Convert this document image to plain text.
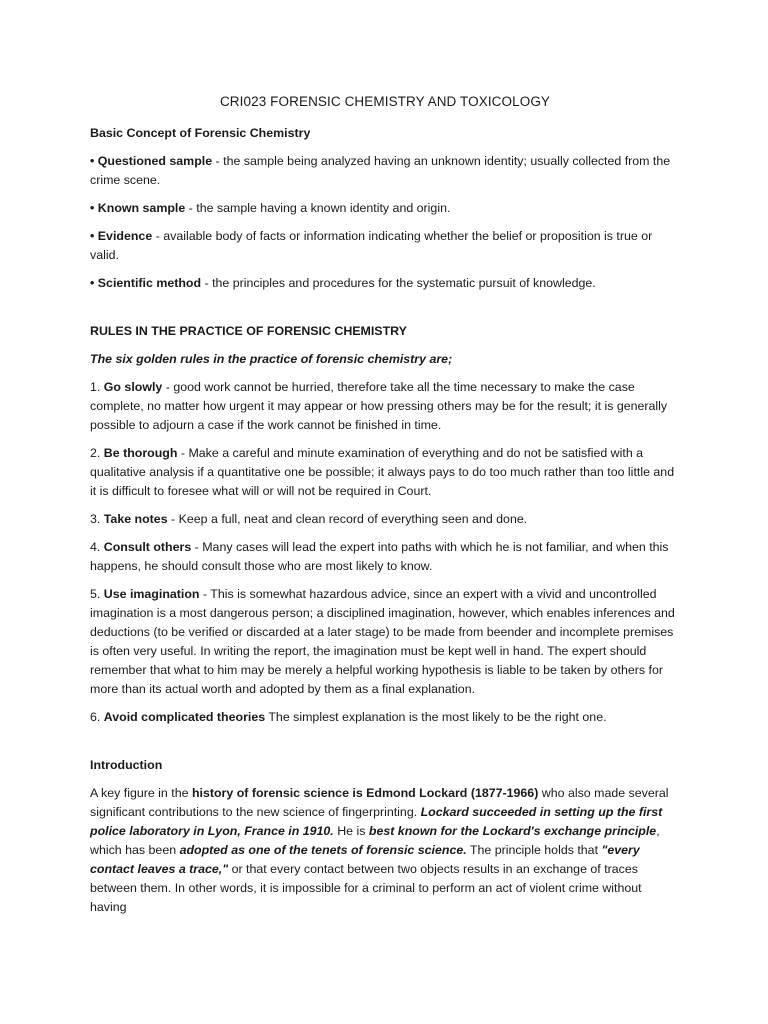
CRI023 FORENSIC CHEMISTRY AND TOXICOLOGY
Basic Concept of Forensic Chemistry

• Questioned sample - the sample being analyzed having an unknown identity; usually collected from the crime scene.

• Known sample - the sample having a known identity and origin.

• Evidence - available body of facts or information indicating whether the belief or proposition is true or valid.

• Scientific method - the principles and procedures for the systematic pursuit of knowledge.

RULES IN THE PRACTICE OF FORENSIC CHEMISTRY

The six golden rules in the practice of forensic chemistry are;

1. Go slowly - good work cannot be hurried, therefore take all the time necessary to make the case complete, no matter how urgent it may appear or how pressing others may be for the result; it is generally possible to adjourn a case if the work cannot be finished in time.

2. Be thorough - Make a careful and minute examination of everything and do not be satisfied with a qualitative analysis if a quantitative one be possible; it always pays to do too much rather than too little and it is difficult to foresee what will or will not be required in Court.

3. Take notes - Keep a full, neat and clean record of everything seen and done.

4. Consult others - Many cases will lead the expert into paths with which he is not familiar, and when this happens, he should consult those who are most likely to know.

5. Use imagination - This is somewhat hazardous advice, since an expert with a vivid and uncontrolled imagination is a most dangerous person; a disciplined imagination, however, which enables inferences and deductions (to be verified or discarded at a later stage) to be made from beender and incomplete premises is often very useful. In writing the report, the imagination must be kept well in hand. The expert should remember that what to him may be merely a helpful working hypothesis is liable to be taken by others for more than its actual worth and adopted by them as a final explanation.

6. Avoid complicated theories The simplest explanation is the most likely to be the right one.

Introduction

A key figure in the history of forensic science is Edmond Lockard (1877-1966) who also made several significant contributions to the new science of fingerprinting. Lockard succeeded in setting up the first police laboratory in Lyon, France in 1910. He is best known for the Lockard's exchange principle, which has been adopted as one of the tenets of forensic science. The principle holds that "every contact leaves a trace," or that every contact between two objects results in an exchange of traces between them. In other words, it is impossible for a criminal to perform an act of violent crime without having
